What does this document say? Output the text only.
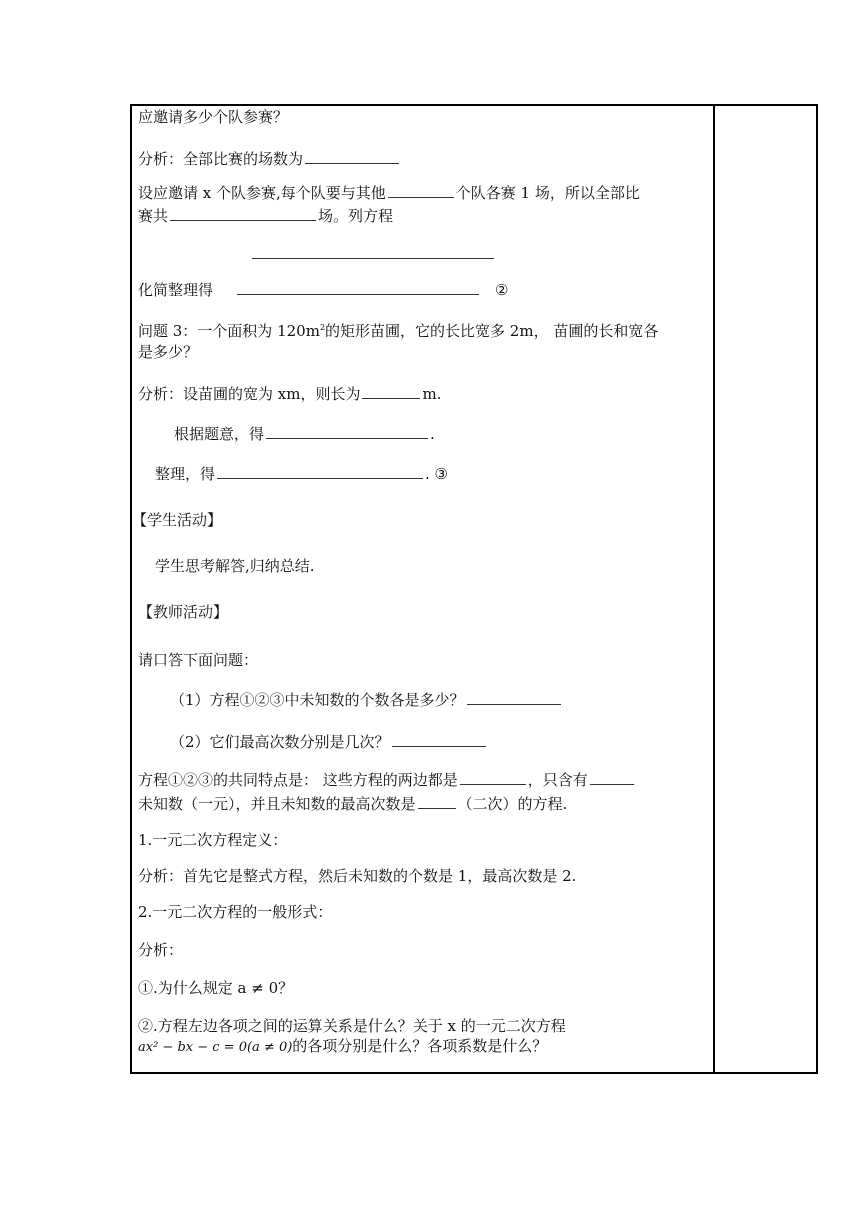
应邀请多少个队参赛？
分析：全部比赛的场数为
设应邀请 x 个队参赛,每个队要与其他	个队各赛 1 场，所以全部比
赛共	场。列方程
化简整理得	②
问题 3：一个面积为 $120m^2$的矩形苗圃，它的长比宽多 2m， 苗圃的长和宽各
是多少？
分析：设苗圃的宽为 xm，则长为	m.
根据题意，得	.
整理，得	. ③
【学生活动】
学生思考解答,归纳总结.
【教师活动】
请口答下面问题：
（1）方程①②③中未知数的个数各是多少？
（2）它们最高次数分别是几次？
方程①②③的共同特点是： 这些方程的两边都是	，只含有
未知数（一元），并且未知数的最高次数是	（二次）的方程.
1.一元二次方程定义：
分析：首先它是整式方程，然后未知数的个数是 1，最高次数是 2.
2.一元二次方程的一般形式：
分析：
①.为什么规定 a ≠ 0？
②.方程左边各项之间的运算关系是什么？关于 x 的一元二次方程
ax² − bx − c = 0(a ≠ 0)的各项分别是什么？各项系数是什么？
